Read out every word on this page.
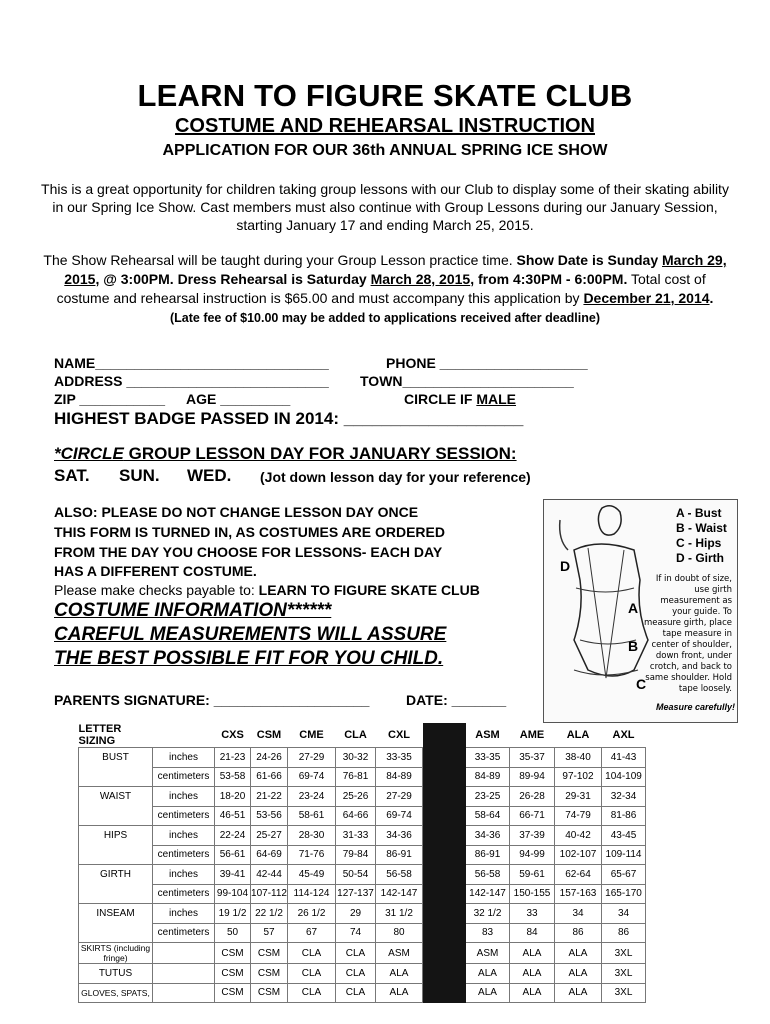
LEARN TO FIGURE SKATE CLUB
COSTUME AND REHEARSAL INSTRUCTION
APPLICATION FOR OUR 36th ANNUAL SPRING ICE SHOW
This is a great opportunity for children taking group lessons with our Club to display some of their skating ability in our Spring Ice Show. Cast members must also continue with Group Lessons during our January Session, starting January 17 and ending March 25, 2015.
The Show Rehearsal will be taught during your Group Lesson practice time. Show Date is Sunday March 29, 2015, @ 3:00PM. Dress Rehearsal is Saturday March 28, 2015, from 4:30PM - 6:00PM. Total cost of costume and rehearsal instruction is $65.00 and must accompany this application by December 21, 2014. (Late fee of $10.00 may be added to applications received after deadline)
NAME______________________________	PHONE ___________________
ADDRESS __________________________ TOWN______________________
ZIP ___________ AGE _________	CIRCLE IF MALE
HIGHEST BADGE PASSED IN 2014: ___________________
*CIRCLE GROUP LESSON DAY FOR JANUARY SESSION:
SAT. SUN. WED. (Jot down lesson day for your reference)
ALSO: PLEASE DO NOT CHANGE LESSON DAY ONCE
THIS FORM IS TURNED IN, AS COSTUMES ARE ORDERED
FROM THE DAY YOU CHOOSE FOR LESSONS- EACH DAY
HAS A DIFFERENT COSTUME.
Please make checks payable to: LEARN TO FIGURE SKATE CLUB
COSTUME INFORMATION******
CAREFUL MEASUREMENTS WILL ASSURE
THE BEST POSSIBLE FIT FOR YOU CHILD.
PARENTS SIGNATURE: ____________________	DATE: _______
D
A
B
C
A - Bust
B - Waist
C - Hips
D - Girth
If in doubt of size, use girth measurement as your guide. To measure girth, place tape measure in center of shoulder, down front, under crotch, and back to same shoulder. Hold tape loosely.
Measure carefully!
LETTER SIZING		CXS	CSM	CME	CLA	CXL		ASM	AME	ALA	AXL
BUST	inches	21-23	24-26	27-29	30-32	33-35		33-35	35-37	38-40	41-43
	centimeters	53-58	61-66	69-74	76-81	84-89		84-89	89-94	97-102	104-109
WAIST	inches	18-20	21-22	23-24	25-26	27-29		23-25	26-28	29-31	32-34
	centimeters	46-51	53-56	58-61	64-66	69-74		58-64	66-71	74-79	81-86
HIPS	inches	22-24	25-27	28-30	31-33	34-36		34-36	37-39	40-42	43-45
	centimeters	56-61	64-69	71-76	79-84	86-91		86-91	94-99	102-107	109-114
GIRTH	inches	39-41	42-44	45-49	50-54	56-58		56-58	59-61	62-64	65-67
	centimeters	99-104	107-112	114-124	127-137	142-147		142-147	150-155	157-163	165-170
INSEAM	inches	19 1/2	22 1/2	26 1/2	29	31 1/2		32 1/2	33	34	34
	centimeters	50	57	67	74	80		83	84	86	86
SKIRTS (including fringe)		CSM	CSM	CLA	CLA	ASM		ASM	ALA	ALA	3XL
TUTUS		CSM	CSM	CLA	CLA	ALA		ALA	ALA	ALA	3XL
GLOVES, SPATS,		CSM	CSM	CLA	CLA	ALA		ALA	ALA	ALA	3XL
